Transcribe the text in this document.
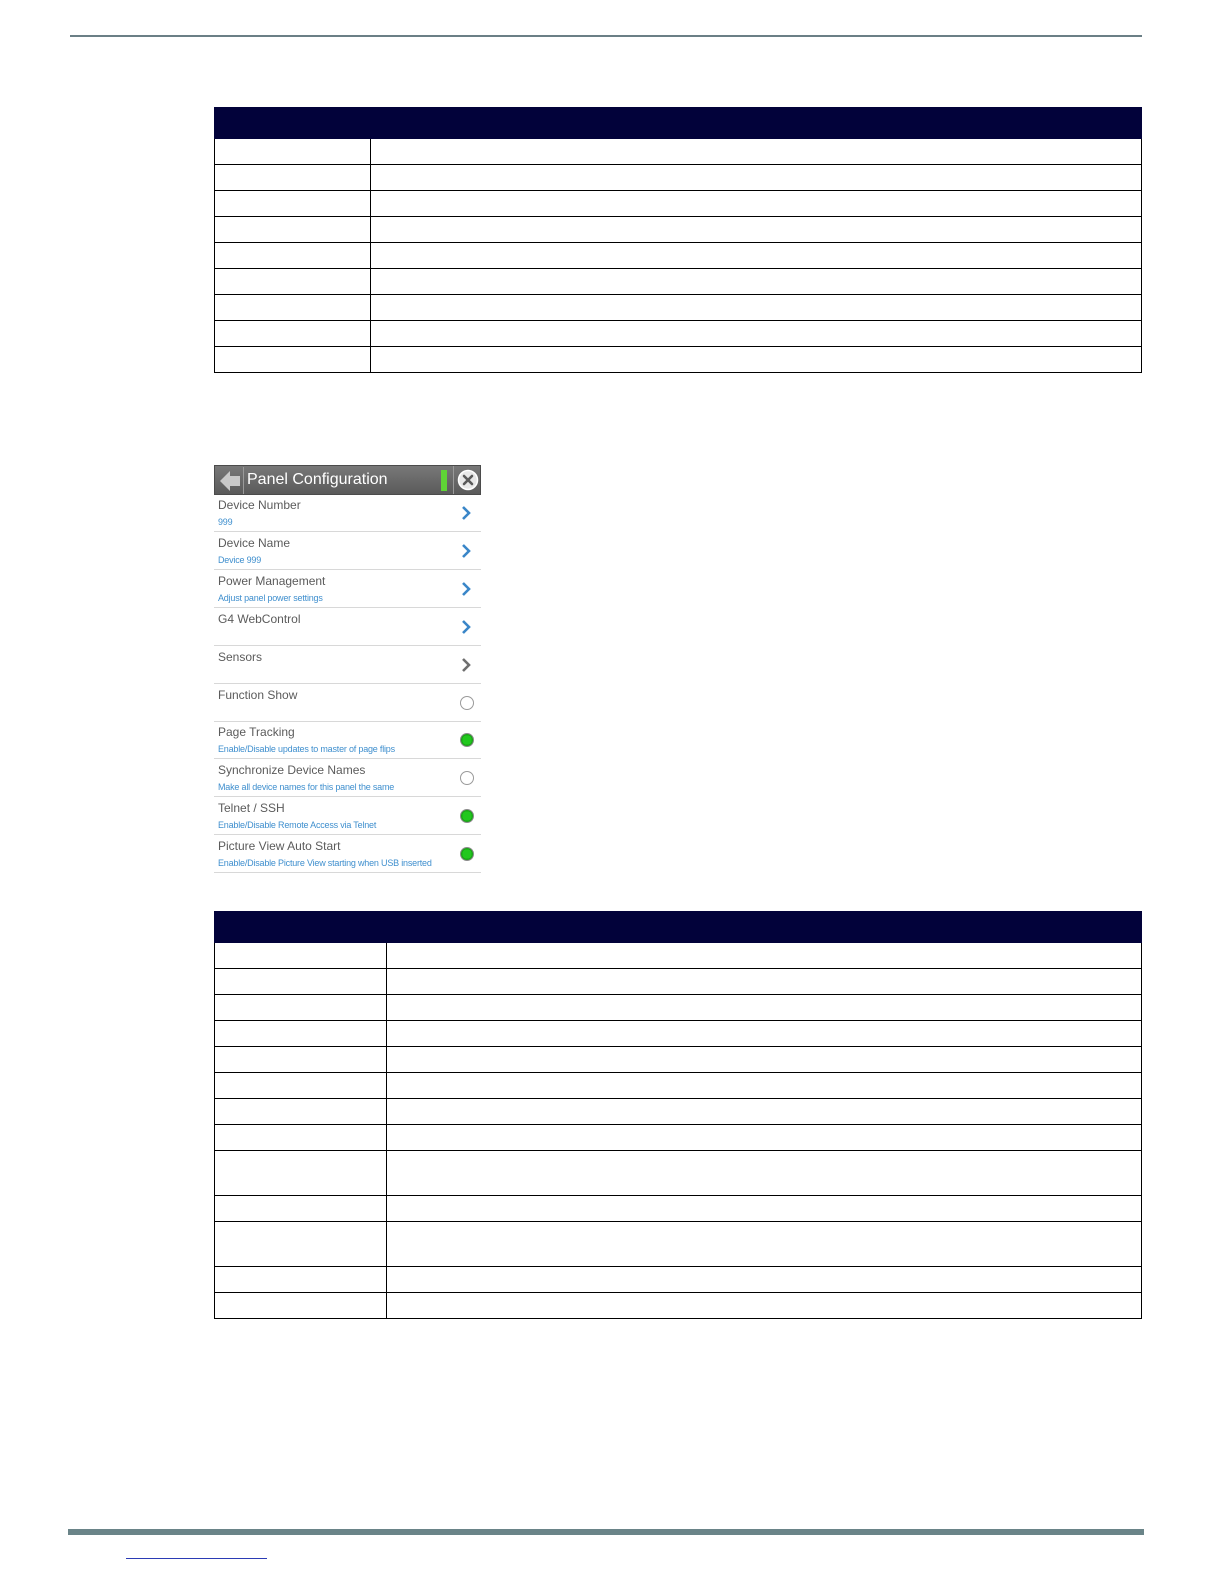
Panel Configuration
Device Number
999
Device Name
Device 999
Power Management
Adjust panel power settings
G4 WebControl
Sensors
Function Show
Page Tracking
Enable/Disable updates to master of page flips
Synchronize Device Names
Make all device names for this panel the same
Telnet / SSH
Enable/Disable Remote Access via Telnet
Picture View Auto Start
Enable/Disable Picture View starting when USB inserted
